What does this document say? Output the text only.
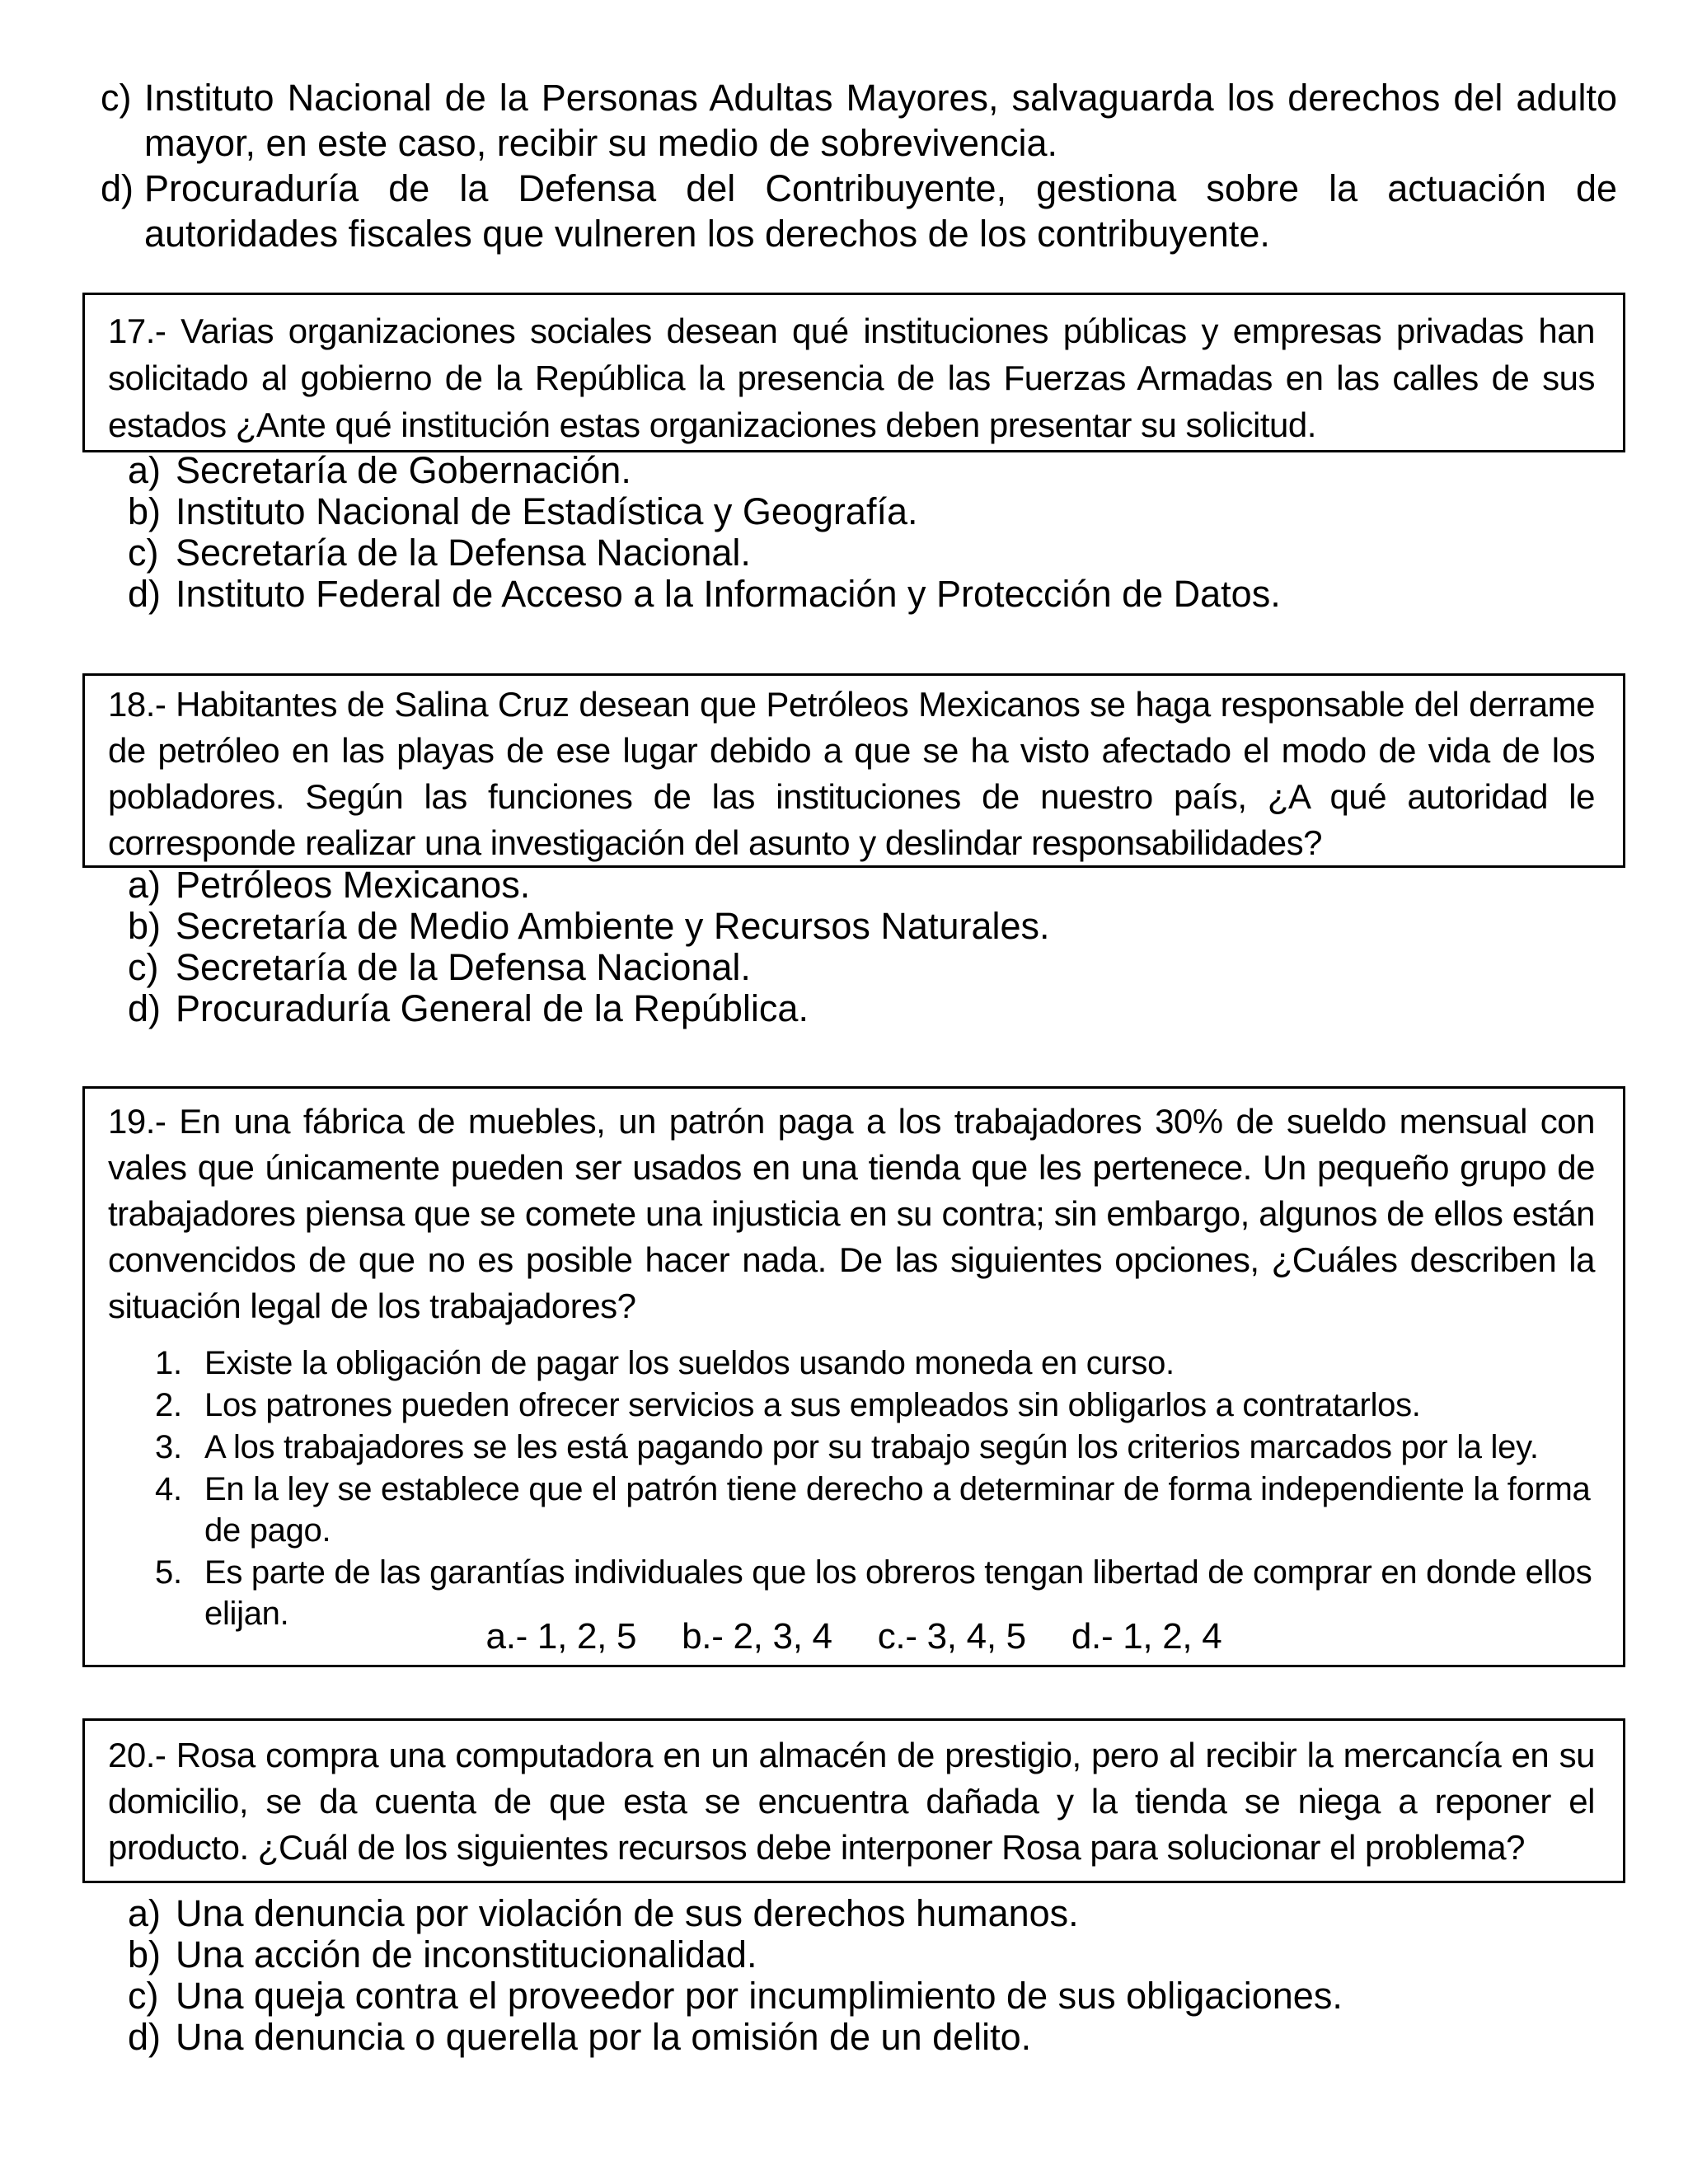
c) Instituto Nacional de la Personas Adultas Mayores, salvaguarda los derechos del adulto mayor, en este caso, recibir su medio de sobrevivencia.
d) Procuraduría de la Defensa del Contribuyente, gestiona sobre la actuación de autoridades fiscales que vulneren los derechos de los contribuyente.

17.- Varias organizaciones sociales desean qué instituciones públicas y empresas privadas han solicitado al gobierno de la República la presencia de las Fuerzas Armadas en las calles de sus estados ¿Ante qué institución estas organizaciones deben presentar su solicitud.

a) Secretaría de Gobernación.
b) Instituto Nacional de Estadística y Geografía.
c) Secretaría de la Defensa Nacional.
d) Instituto Federal de Acceso a la Información y Protección de Datos.

18.- Habitantes de Salina Cruz desean que Petróleos Mexicanos se haga responsable del derrame de petróleo en las playas de ese lugar debido a que se ha visto afectado el modo de vida de los pobladores. Según las funciones de las instituciones de nuestro país, ¿A qué autoridad le corresponde realizar una investigación del asunto y deslindar responsabilidades?

a) Petróleos Mexicanos.
b) Secretaría de Medio Ambiente y Recursos Naturales.
c) Secretaría de la Defensa Nacional.
d) Procuraduría General de la República.

19.- En una fábrica de muebles, un patrón paga a los trabajadores 30% de sueldo mensual con vales que únicamente pueden ser usados en una tienda que les pertenece. Un pequeño grupo de trabajadores piensa que se comete una injusticia en su contra; sin embargo, algunos de ellos están convencidos de que no es posible hacer nada. De las siguientes opciones, ¿Cuáles describen la situación legal de los trabajadores?

1. Existe la obligación de pagar los sueldos usando moneda en curso.
2. Los patrones pueden ofrecer servicios a sus empleados sin obligarlos a contratarlos.
3. A los trabajadores se les está pagando por su trabajo según los criterios marcados por la ley.
4. En la ley se establece que el patrón tiene derecho a determinar de forma independiente la forma de pago.
5. Es parte de las garantías individuales que los obreros tengan libertad de comprar en donde ellos elijan.
a.- 1, 2, 5 b.- 2, 3, 4 c.- 3, 4, 5 d.- 1, 2, 4

20.- Rosa compra una computadora en un almacén de prestigio, pero al recibir la mercancía en su domicilio, se da cuenta de que esta se encuentra dañada y la tienda se niega a reponer el producto. ¿Cuál de los siguientes recursos debe interponer Rosa para solucionar el problema?

a) Una denuncia por violación de sus derechos humanos.
b) Una acción de inconstitucionalidad.
c) Una queja contra el proveedor por incumplimiento de sus obligaciones.
d) Una denuncia o querella por la omisión de un delito.
